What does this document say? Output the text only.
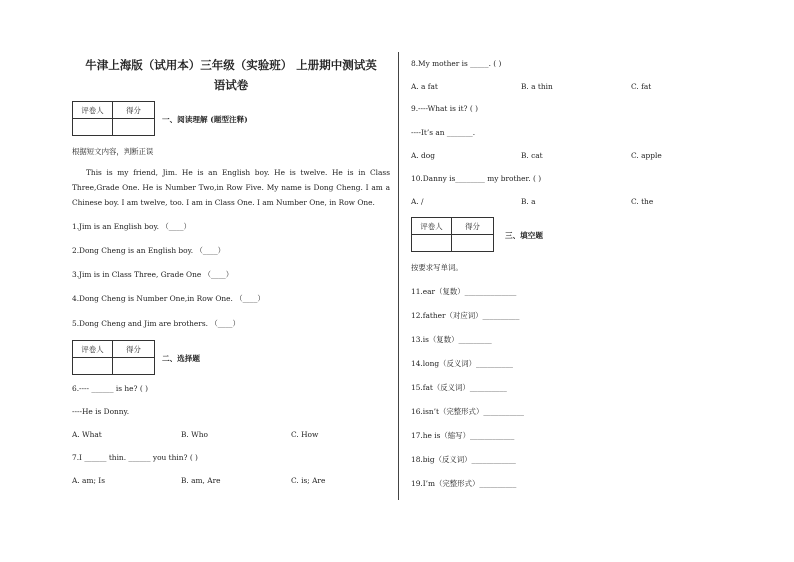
牛津上海版（试用本）三年级（实验班） 上册期中测试英
语试卷
评卷人	得分

一、阅读理解 (题型注释)
根据短文内容，判断正误
This is my friend, Jim. He is an English boy. He is twelve. He is in Class Three,Grade One. He is Number Two,in Row Five. My name is Dong Cheng. I am a Chinese boy. I am twelve, too. I am in Class One. I am Number One, in Row One.
1.Jim is an English boy. （____）
2.Dong Cheng is an English boy. （____）
3.Jim is in Class Three, Grade One （____）
4.Dong Cheng is Number One,in Row One. （____）
5.Dong Cheng and Jim are brothers. （____）
评卷人	得分

二、选择题
6.---- ______ is he? ( )
----He is Donny.
A. What	B. Who	C. How
7.I ______ thin. ______ you thin? ( )
A. am; Is	B. am, Are	C. is; Are
8.My mother is _____. ( )
A. a fat	B. a thin	C. fat
9.----What is it? ( )
----It’s an _______.
A. dog	B. cat	C. apple
10.Danny is________ my brother. ( )
A. /	B. a	C. the
评卷人	得分

三、填空题
按要求写单词。
11.ear（复数）______________
12.father（对应词）__________
13.is（复数）_________
14.long（反义词）__________
15.fat（反义词）__________
16.isn’t（完整形式）___________
17.he is（缩写）____________
18.big（反义词）____________
19.I’m（完整形式）__________
